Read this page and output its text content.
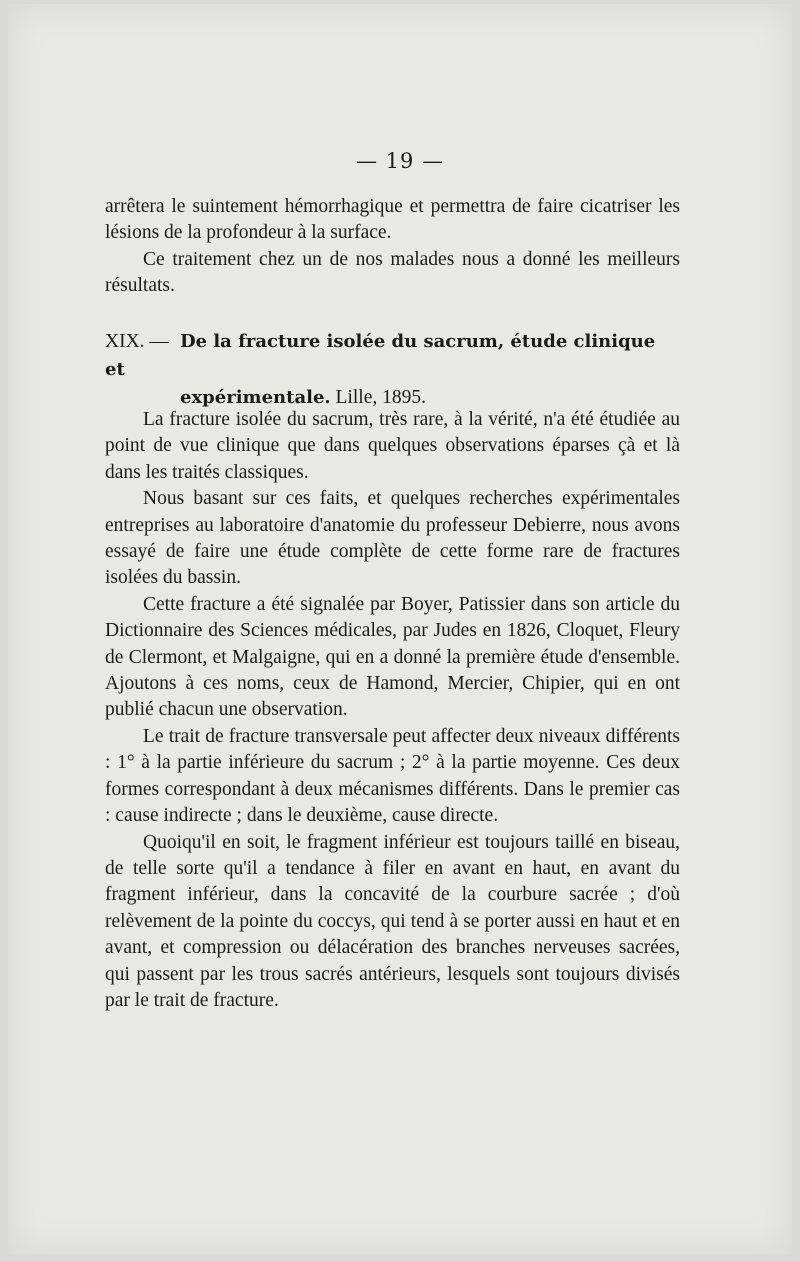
— 19 —

arrêtera le suintement hémorrhagique et permettra de faire cicatriser les lésions de la profondeur à la surface.

Ce traitement chez un de nos malades nous a donné les meilleurs résultats.

XIX. — De la fracture isolée du sacrum, étude clinique et
expérimentale. Lille, 1895.

La fracture isolée du sacrum, très rare, à la vérité, n'a été étudiée au point de vue clinique que dans quelques observations éparses çà et là dans les traités classiques.

Nous basant sur ces faits, et quelques recherches expérimentales entreprises au laboratoire d'anatomie du professeur Debierre, nous avons essayé de faire une étude complète de cette forme rare de fractures isolées du bassin.

Cette fracture a été signalée par Boyer, Patissier dans son article du Dictionnaire des Sciences médicales, par Judes en 1826, Cloquet, Fleury de Clermont, et Malgaigne, qui en a donné la première étude d'ensemble. Ajoutons à ces noms, ceux de Hamond, Mercier, Chipier, qui en ont publié chacun une observation.

Le trait de fracture transversale peut affecter deux niveaux différents : 1° à la partie inférieure du sacrum ; 2° à la partie moyenne. Ces deux formes correspondant à deux mécanismes différents. Dans le premier cas : cause indirecte ; dans le deuxième, cause directe.

Quoiqu'il en soit, le fragment inférieur est toujours taillé en biseau, de telle sorte qu'il a tendance à filer en avant en haut, en avant du fragment inférieur, dans la concavité de la courbure sacrée ; d'où relèvement de la pointe du coccys, qui tend à se porter aussi en haut et en avant, et compression ou délacération des branches nerveuses sacrées, qui passent par les trous sacrés antérieurs, lesquels sont toujours divisés par le trait de fracture.
